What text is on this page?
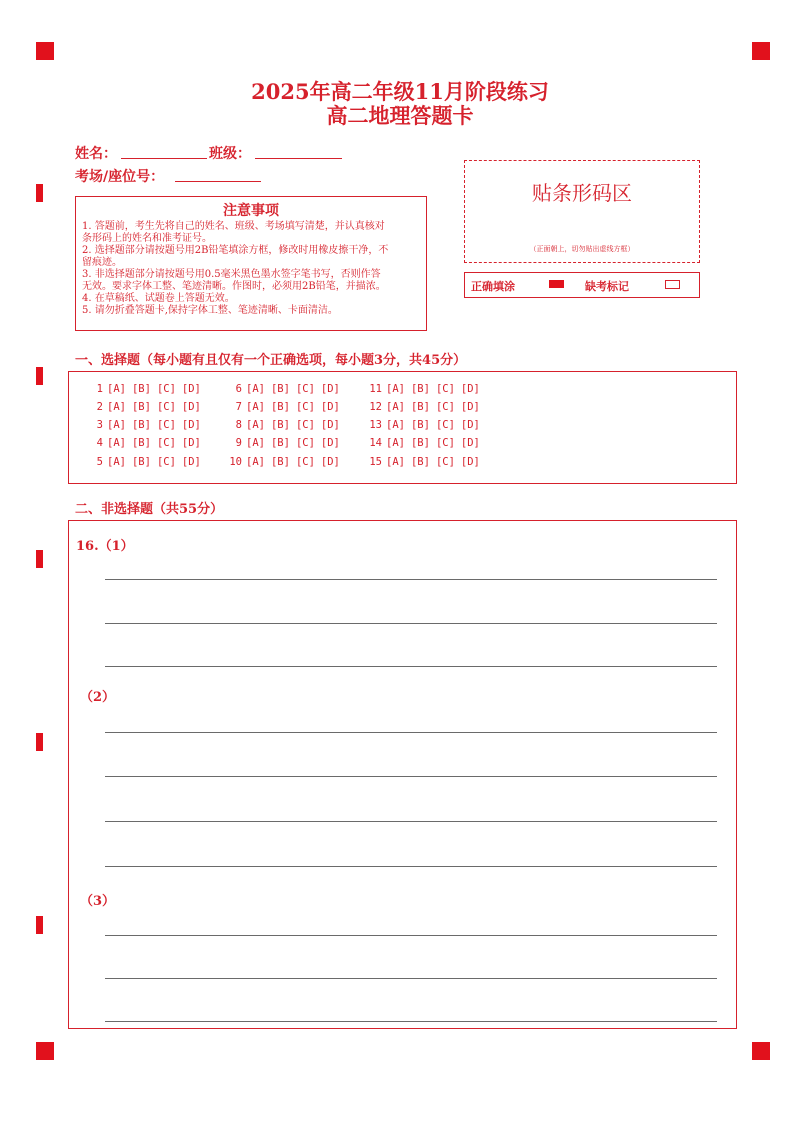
2025年高二年级11月阶段练习
高二地理答题卡
姓名：	班级：
考场/座位号：
注意事项
1. 答题前，考生先将自己的姓名、班级、考场填写清楚，并认真核对
条形码上的姓名和准考证号。
2. 选择题部分请按题号用2B铅笔填涂方框，修改时用橡皮擦干净，不
留痕迹。
3. 非选择题部分请按题号用0.5毫米黑色墨水签字笔书写，否则作答
无效。要求字体工整、笔迹清晰。作图时，必须用2B铅笔，并描浓。
4. 在草稿纸、试题卷上答题无效。
5. 请勿折叠答题卡,保持字体工整、笔迹清晰、卡面清洁。
贴条形码区
（正面朝上，切勿贴出虚线方框）
正确填涂	缺考标记
一、选择题（每小题有且仅有一个正确选项，每小题3分，共45分）
1 [A] [B] [C] [D]
2 [A] [B] [C] [D]
3 [A] [B] [C] [D]
4 [A] [B] [C] [D]
5 [A] [B] [C] [D]
6 [A] [B] [C] [D]
7 [A] [B] [C] [D]
8 [A] [B] [C] [D]
9 [A] [B] [C] [D]
10 [A] [B] [C] [D]
11 [A] [B] [C] [D]
12 [A] [B] [C] [D]
13 [A] [B] [C] [D]
14 [A] [B] [C] [D]
15 [A] [B] [C] [D]
二、非选择题（共55分）
16.（1）
（2）
（3）
